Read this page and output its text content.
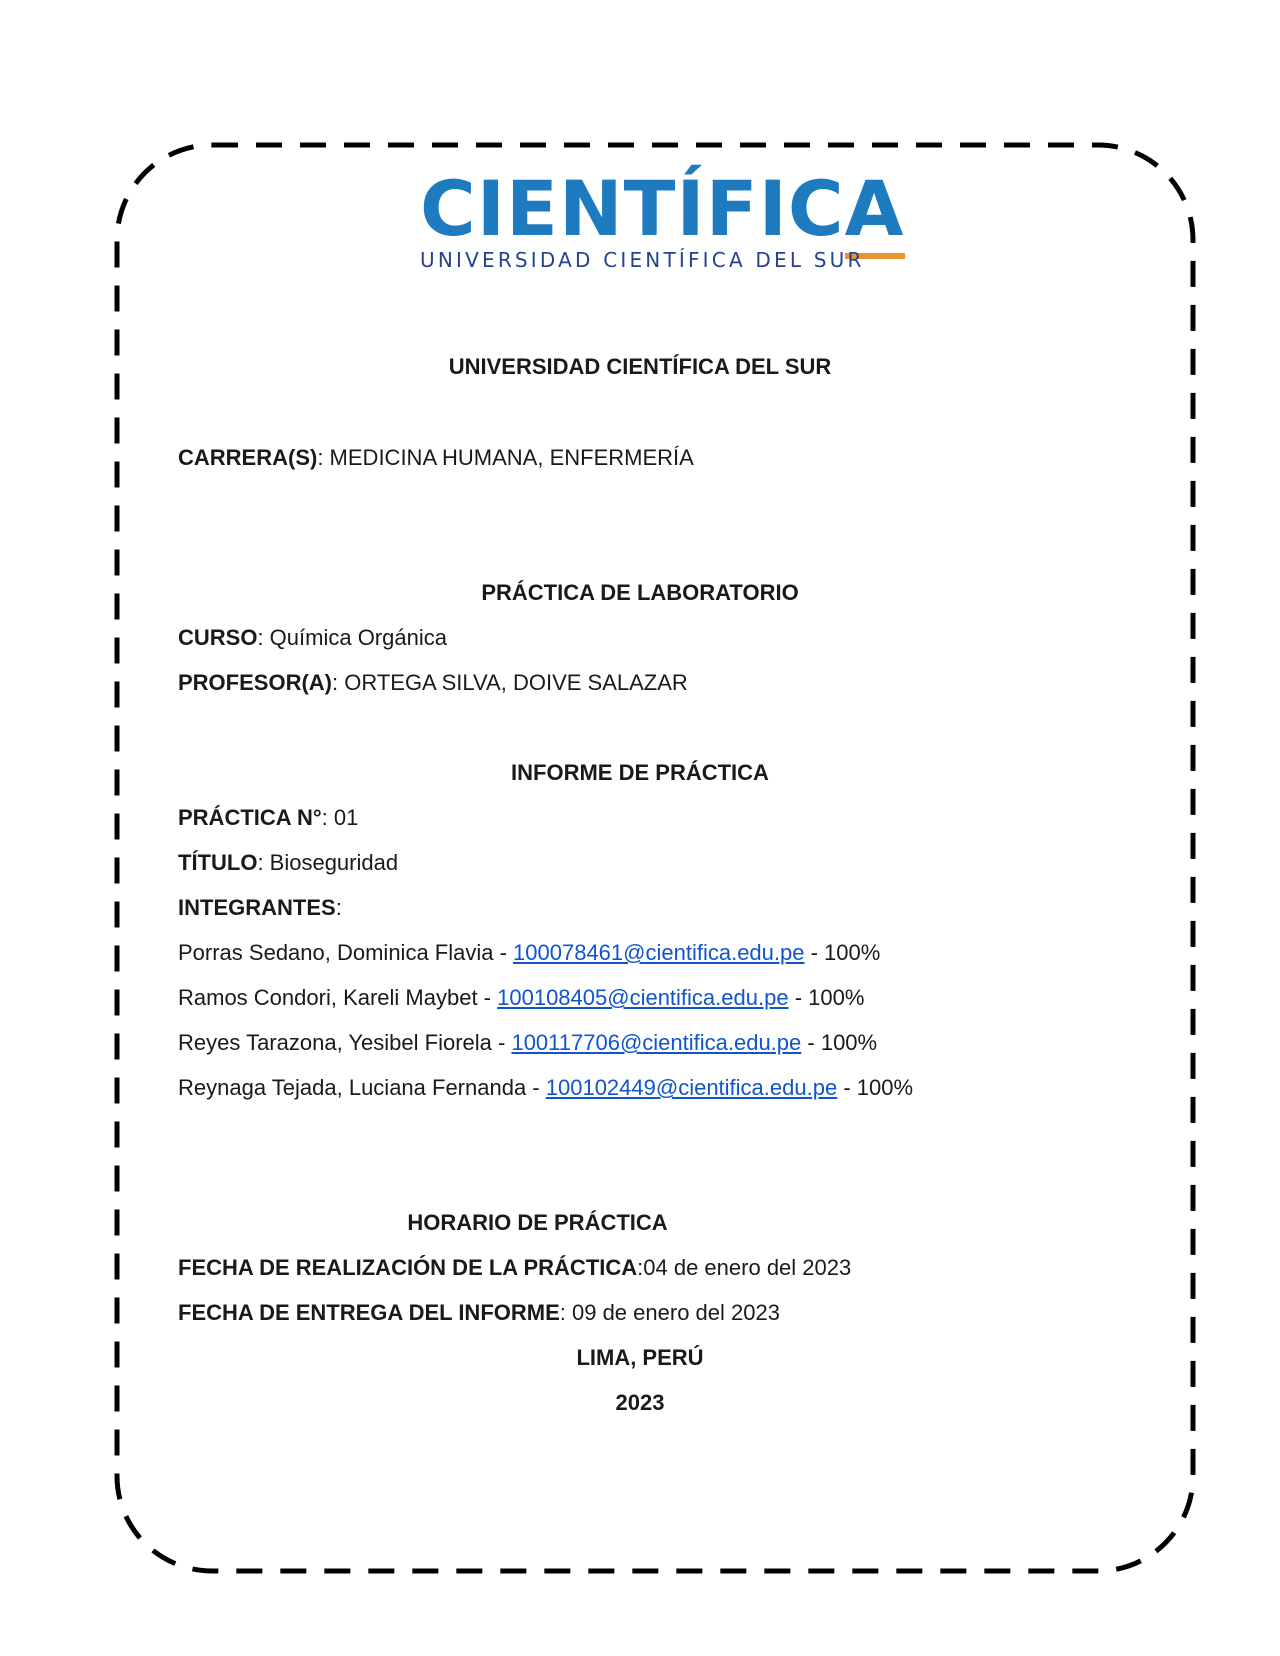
CIENTÍFICA
UNIVERSIDAD CIENTÍFICA DEL SUR
UNIVERSIDAD CIENTÍFICA DEL SUR
CARRERA(S): MEDICINA HUMANA, ENFERMERÍA
PRÁCTICA DE LABORATORIO
CURSO: Química Orgánica
PROFESOR(A): ORTEGA SILVA, DOIVE SALAZAR
INFORME DE PRÁCTICA
PRÁCTICA N°: 01
TÍTULO: Bioseguridad
INTEGRANTES:
Porras Sedano, Dominica Flavia - 100078461@cientifica.edu.pe - 100%
Ramos Condori, Kareli Maybet - 100108405@cientifica.edu.pe - 100%
Reyes Tarazona, Yesibel Fiorela - 100117706@cientifica.edu.pe - 100%
Reynaga Tejada, Luciana Fernanda - 100102449@cientifica.edu.pe - 100%
HORARIO DE PRÁCTICA
FECHA DE REALIZACIÓN DE LA PRÁCTICA:04 de enero del 2023
FECHA DE ENTREGA DEL INFORME: 09 de enero del 2023
LIMA, PERÚ
2023
